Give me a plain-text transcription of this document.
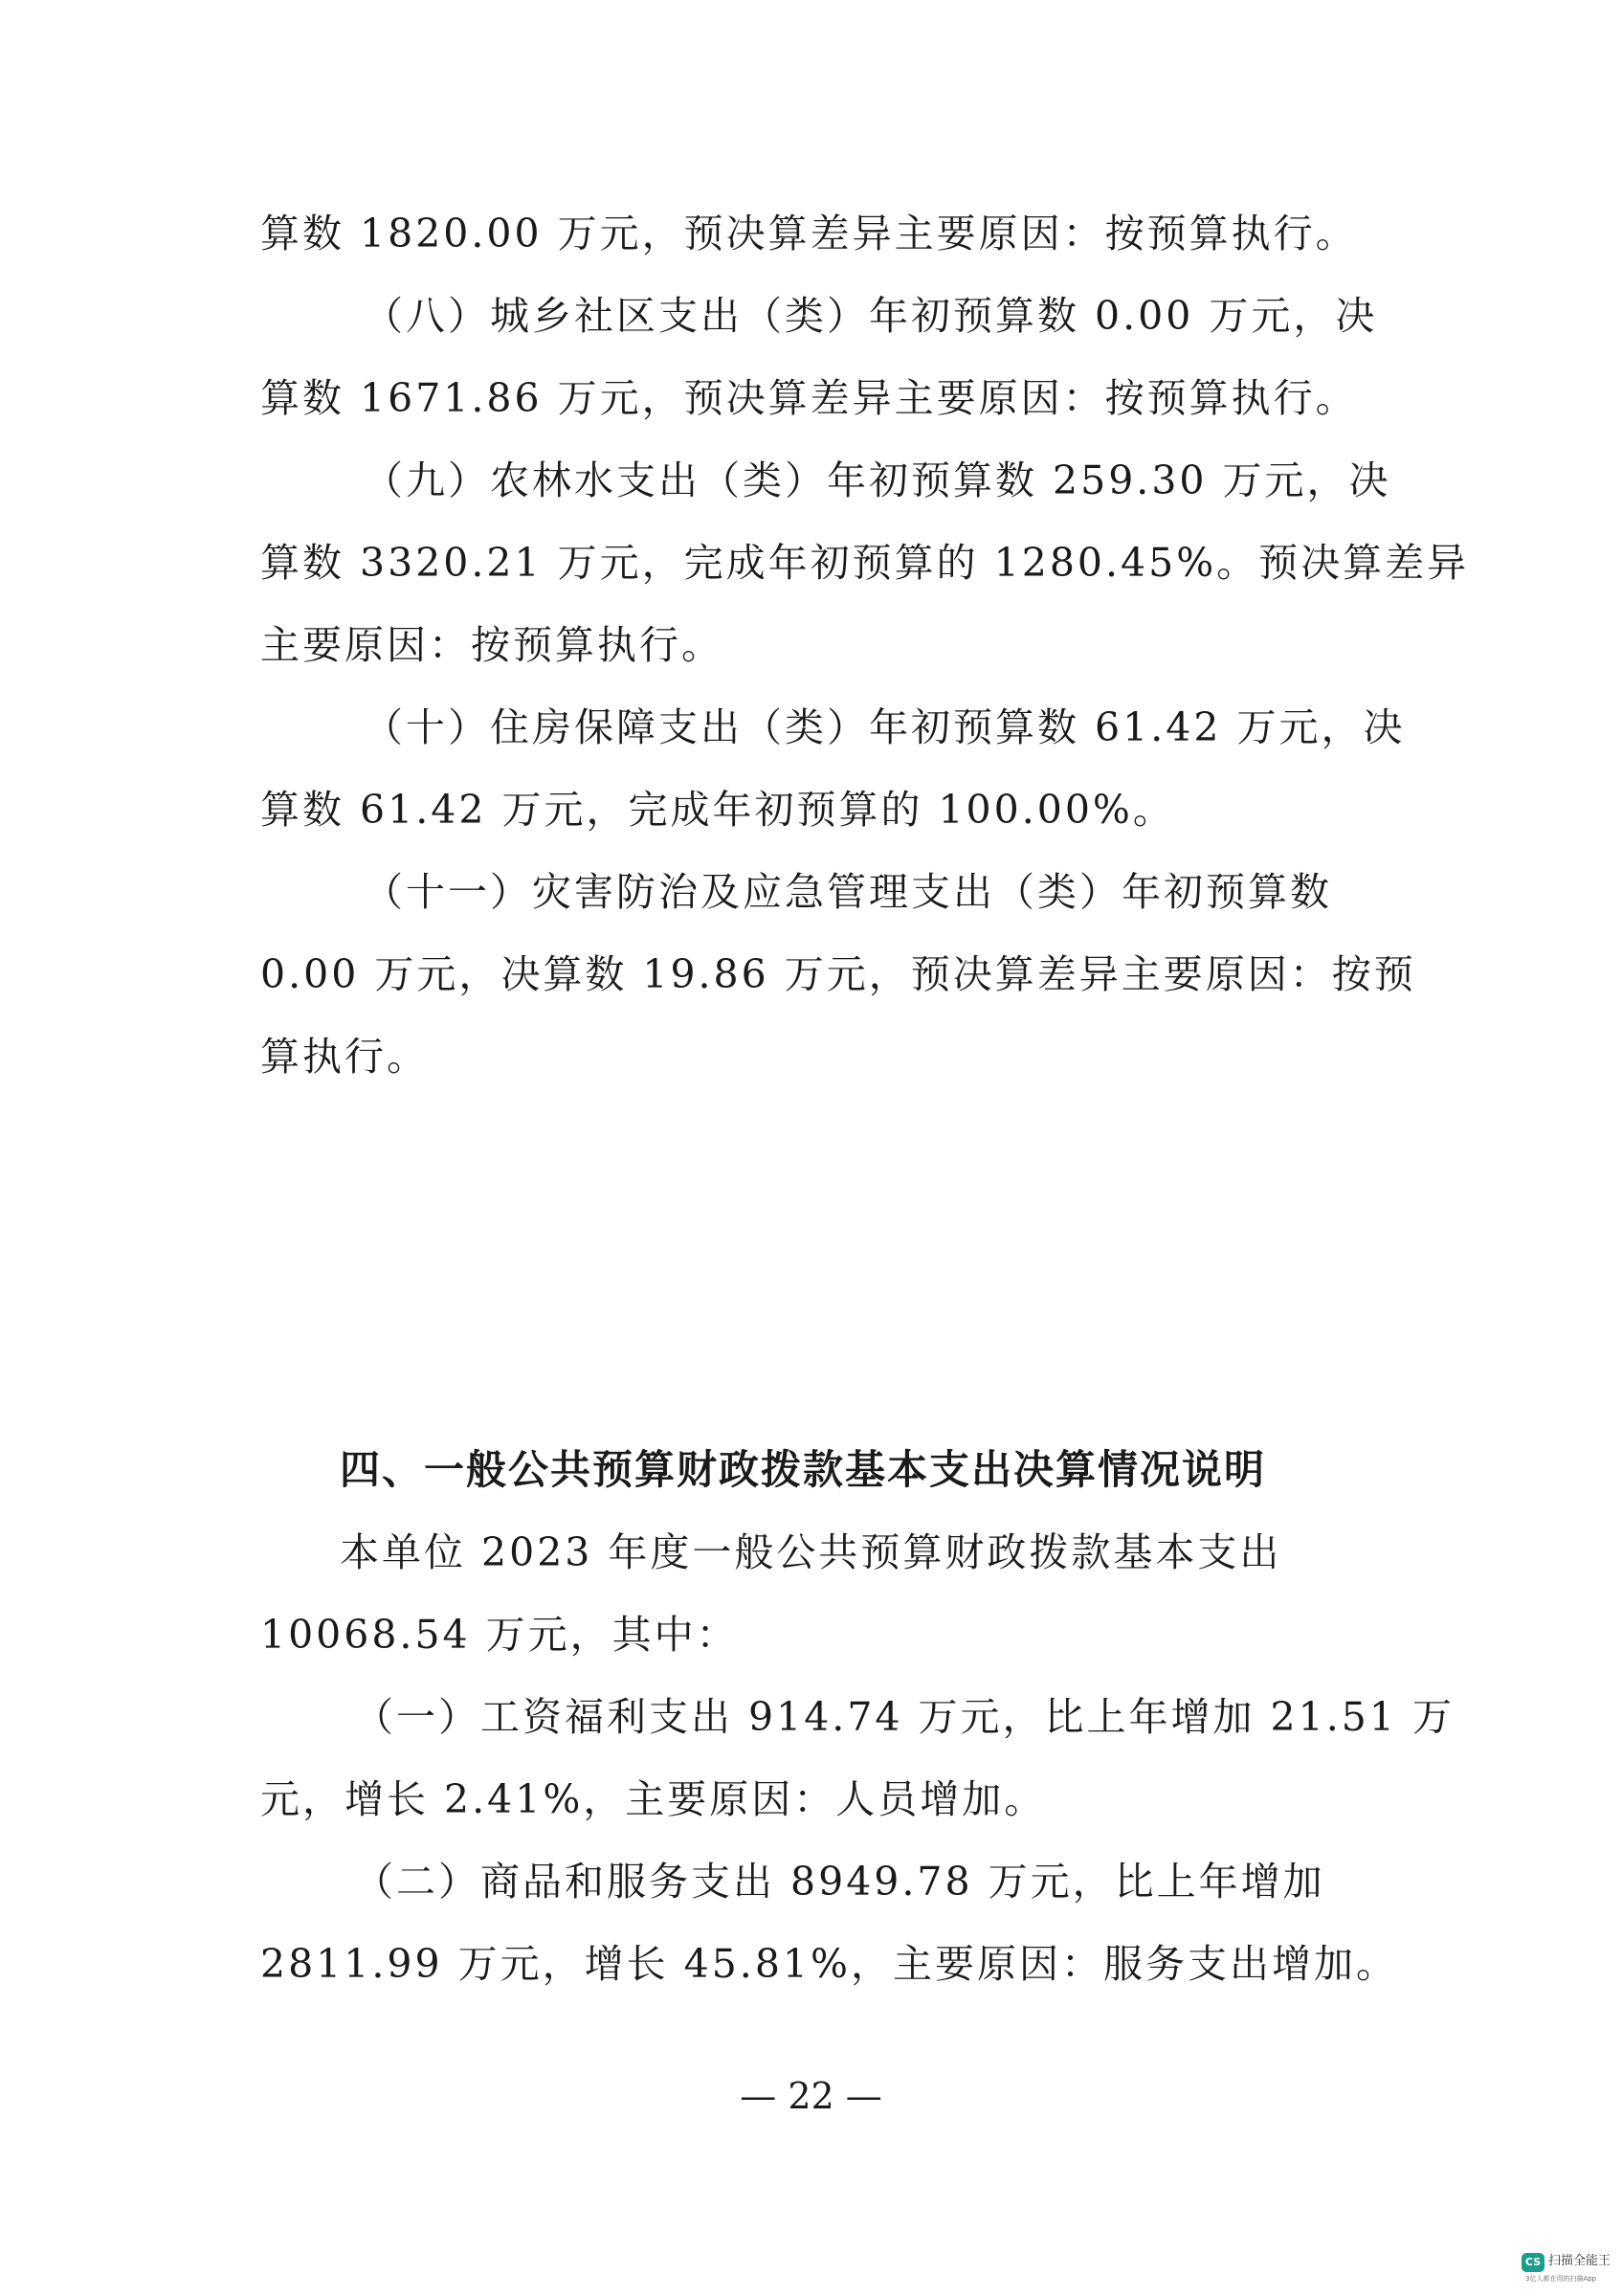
算数 1820.00 万元，预决算差异主要原因：按预算执行。
（八）城乡社区支出（类）年初预算数 0.00 万元，决
算数 1671.86 万元，预决算差异主要原因：按预算执行。
（九）农林水支出（类）年初预算数 259.30 万元，决
算数 3320.21 万元，完成年初预算的 1280.45%。预决算差异
主要原因：按预算执行。
（十）住房保障支出（类）年初预算数 61.42 万元，决
算数 61.42 万元，完成年初预算的 100.00%。
（十一）灾害防治及应急管理支出（类）年初预算数
0.00 万元，决算数 19.86 万元，预决算差异主要原因：按预
算执行。
四、一般公共预算财政拨款基本支出决算情况说明
本单位 2023 年度一般公共预算财政拨款基本支出
10068.54 万元，其中：
（一）工资福利支出 914.74 万元，比上年增加 21.51 万
元，增长 2.41%，主要原因：人员增加。
（二）商品和服务支出 8949.78 万元，比上年增加
2811.99 万元，增长 45.81%，主要原因：服务支出增加。
— 22 —
CS 扫描全能王
3亿人都在用的扫描App
